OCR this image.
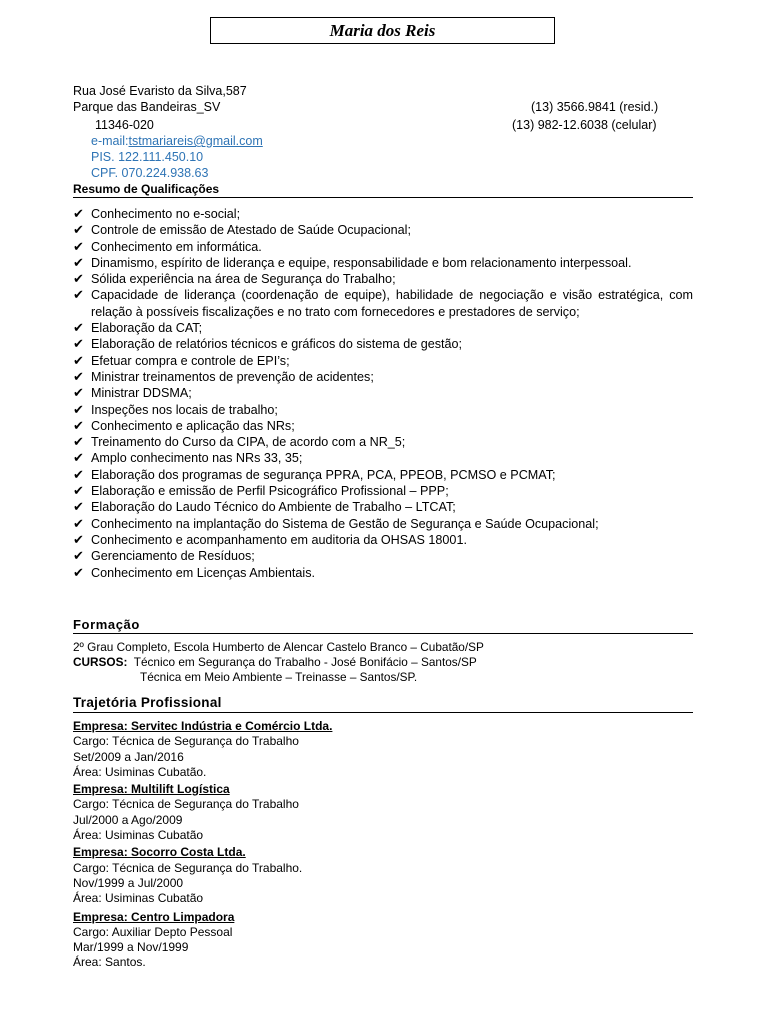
Maria dos Reis
Rua José Evaristo da Silva,587
Parque das Bandeiras_SV
11346-020
(13) 3566.9841 (resid.)
(13) 982-12.6038 (celular)
e-mail:tstmariareis@gmail.com
PIS. 122.111.450.10
CPF. 070.224.938.63
Resumo de Qualificações
✔ Conhecimento no e-social;
✔ Controle de emissão de Atestado de Saúde Ocupacional;
✔ Conhecimento em informática.
✔ Dinamismo, espírito de liderança e equipe, responsabilidade e bom relacionamento interpessoal.
✔ Sólida experiência na área de Segurança do Trabalho;
✔ Capacidade de liderança (coordenação de equipe), habilidade de negociação e visão estratégica, com relação à possíveis fiscalizações e no trato com fornecedores e prestadores de serviço;
✔ Elaboração da CAT;
✔ Elaboração de relatórios técnicos e gráficos do sistema de gestão;
✔ Efetuar compra e controle de EPI’s;
✔ Ministrar treinamentos de prevenção de acidentes;
✔ Ministrar DDSMA;
✔ Inspeções nos locais de trabalho;
✔ Conhecimento e aplicação das NRs;
✔ Treinamento do Curso da CIPA, de acordo com a NR_5;
✔ Amplo conhecimento nas NRs 33, 35;
✔ Elaboração dos programas de segurança PPRA, PCA, PPEOB, PCMSO e PCMAT;
✔ Elaboração e emissão de Perfil Psicográfico Profissional – PPP;
✔ Elaboração do Laudo Técnico do Ambiente de Trabalho – LTCAT;
✔ Conhecimento na implantação do Sistema de Gestão de Segurança e Saúde Ocupacional;
✔ Conhecimento e acompanhamento em auditoria da OHSAS 18001.
✔ Gerenciamento de Resíduos;
✔ Conhecimento em Licenças Ambientais.
Formação
2º Grau Completo, Escola Humberto de Alencar Castelo Branco – Cubatão/SP
CURSOS: Técnico em Segurança do Trabalho - José Bonifácio – Santos/SP
Técnica em Meio Ambiente – Treinasse – Santos/SP.
Trajetória Profissional
Empresa: Servitec Indústria e Comércio Ltda.
Cargo: Técnica de Segurança do Trabalho
Set/2009 a Jan/2016
Área: Usiminas Cubatão.
Empresa: Multilift Logística
Cargo: Técnica de Segurança do Trabalho
Jul/2000 a Ago/2009
Área: Usiminas Cubatão
Empresa: Socorro Costa Ltda.
Cargo: Técnica de Segurança do Trabalho.
Nov/1999 a Jul/2000
Área: Usiminas Cubatão
Empresa: Centro Limpadora
Cargo: Auxiliar Depto Pessoal
Mar/1999 a Nov/1999
Área: Santos.
